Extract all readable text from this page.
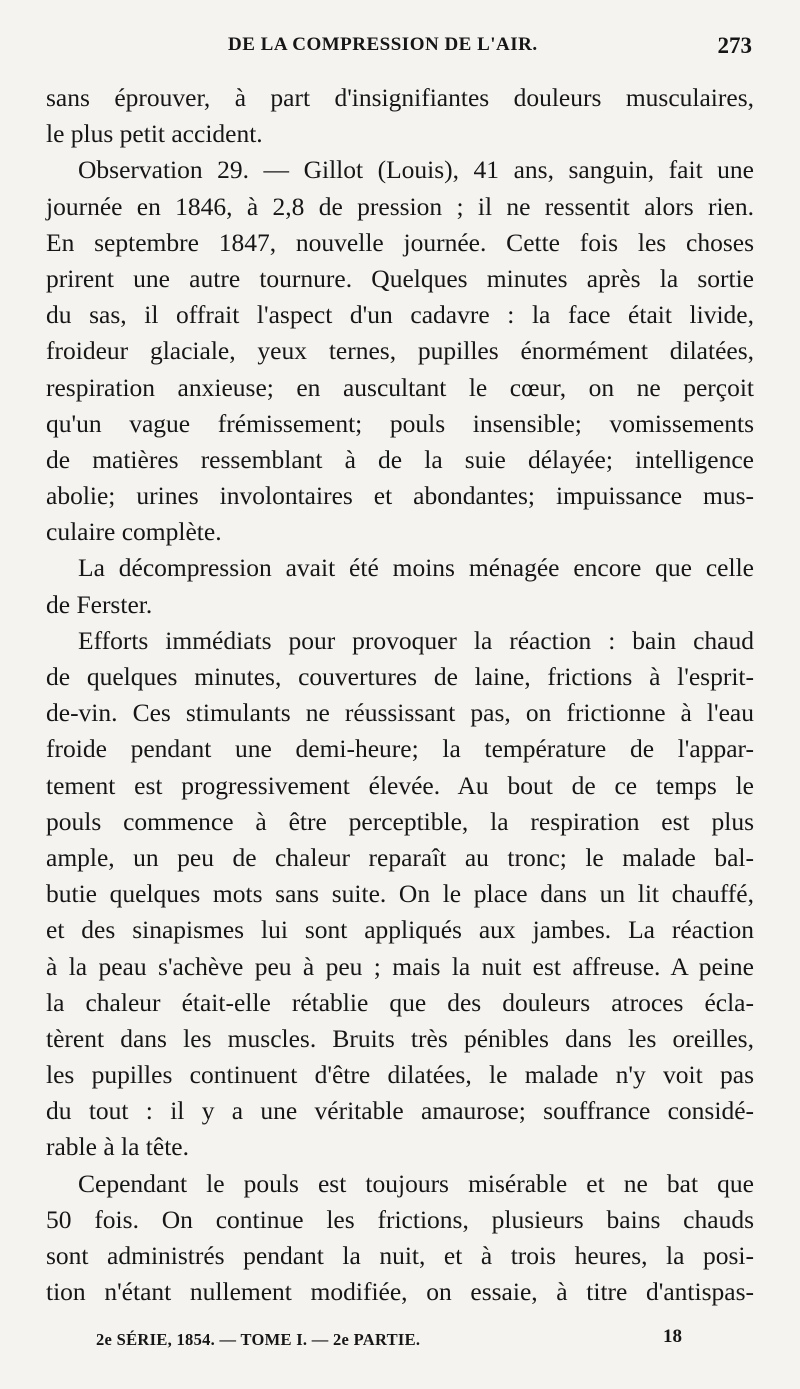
DE LA COMPRESSION DE L'AIR.	273
sans éprouver, à part d'insignifiantes douleurs musculaires,
le plus petit accident.
Observation 29. — Gillot (Louis), 41 ans, sanguin, fait une
journée en 1846, à 2,8 de pression ; il ne ressentit alors rien.
En septembre 1847, nouvelle journée. Cette fois les choses
prirent une autre tournure. Quelques minutes après la sortie
du sas, il offrait l'aspect d'un cadavre : la face était livide,
froideur glaciale, yeux ternes, pupilles énormément dilatées,
respiration anxieuse; en auscultant le cœur, on ne perçoit
qu'un vague frémissement; pouls insensible; vomissements
de matières ressemblant à de la suie délayée; intelligence
abolie; urines involontaires et abondantes; impuissance mus-
culaire complète.
La décompression avait été moins ménagée encore que celle
de Ferster.
Efforts immédiats pour provoquer la réaction : bain chaud
de quelques minutes, couvertures de laine, frictions à l'esprit-
de-vin. Ces stimulants ne réussissant pas, on frictionne à l'eau
froide pendant une demi-heure; la température de l'appar-
tement est progressivement élevée. Au bout de ce temps le
pouls commence à être perceptible, la respiration est plus
ample, un peu de chaleur reparaît au tronc; le malade bal-
butie quelques mots sans suite. On le place dans un lit chauffé,
et des sinapismes lui sont appliqués aux jambes. La réaction
à la peau s'achève peu à peu ; mais la nuit est affreuse. A peine
la chaleur était-elle rétablie que des douleurs atroces écla-
tèrent dans les muscles. Bruits très pénibles dans les oreilles,
les pupilles continuent d'être dilatées, le malade n'y voit pas
du tout : il y a une véritable amaurose; souffrance considé-
rable à la tête.
Cependant le pouls est toujours misérable et ne bat que
50 fois. On continue les frictions, plusieurs bains chauds
sont administrés pendant la nuit, et à trois heures, la posi-
tion n'étant nullement modifiée, on essaie, à titre d'antispas-
2e SÉRIE, 1854. — TOME I. — 2e PARTIE.	18
